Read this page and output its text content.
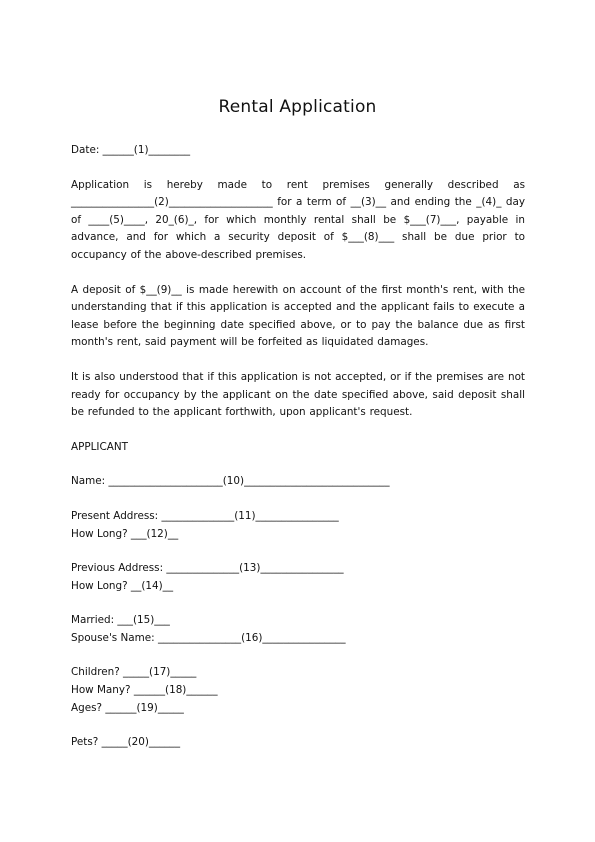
Rental Application
Date: ______(1)________
Application is hereby made to rent premises generally described as ________________(2)____________________ for a term of __(3)__ and ending the _(4)_ day of ____(5)____, 20_(6)_, for which monthly rental shall be $___(7)___, payable in advance, and for which a security deposit of $___(8)___ shall be due prior to occupancy of the above-described premises.
A deposit of $__(9)__ is made herewith on account of the first month's rent, with the understanding that if this application is accepted and the applicant fails to execute a lease before the beginning date specified above, or to pay the balance due as first month's rent, said payment will be forfeited as liquidated damages.
It is also understood that if this application is not accepted, or if the premises are not ready for occupancy by the applicant on the date specified above, said deposit shall be refunded to the applicant forthwith, upon applicant's request.
APPLICANT
Name: ______________________(10)____________________________
Present Address: ______________(11)________________
How Long? ___(12)__
Previous Address: ______________(13)________________
How Long? __(14)__
Married: ___(15)___
Spouse's Name: ________________(16)________________
Children? _____(17)_____
How Many? ______(18)______
Ages? ______(19)_____
Pets? _____(20)______
